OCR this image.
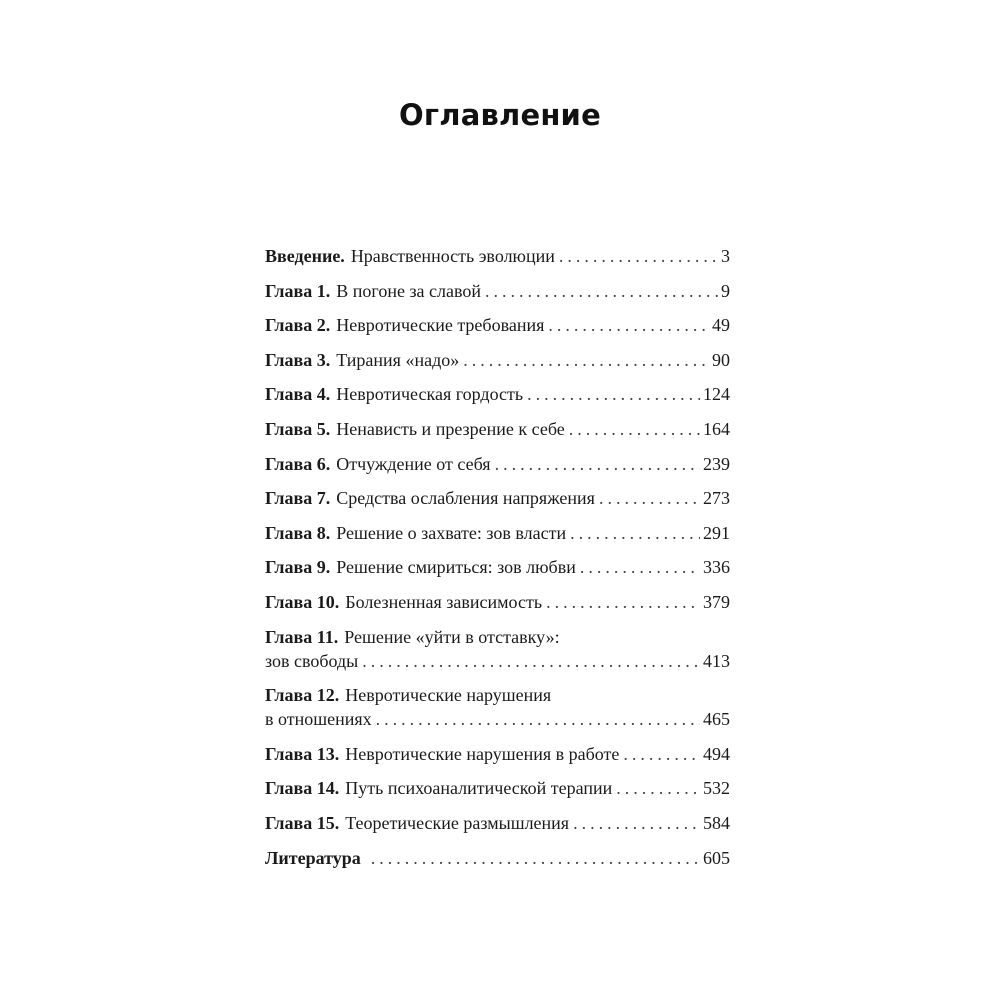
Оглавление
Введение. Нравственность эволюции . . .	3
Глава 1. В погоне за славой . . .	9
Глава 2. Невротические требования . . .	49
Глава 3. Тирания «надо» . . .	90
Глава 4. Невротическая гордость . . .	124
Глава 5. Ненависть и презрение к себе . . .	164
Глава 6. Отчуждение от себя . . .	239
Глава 7. Средства ослабления напряжения . . .	273
Глава 8. Решение о захвате: зов власти . . .	291
Глава 9. Решение смириться: зов любви . . .	336
Глава 10. Болезненная зависимость . . .	379
Глава 11. Решение «уйти в отставку»:
зов свободы . . .	413
Глава 12. Невротические нарушения
в отношениях . . .	465
Глава 13. Невротические нарушения в работе . . .	494
Глава 14. Путь психоаналитической терапии . . .	532
Глава 15. Теоретические размышления . . .	584
Литература . . .	605
